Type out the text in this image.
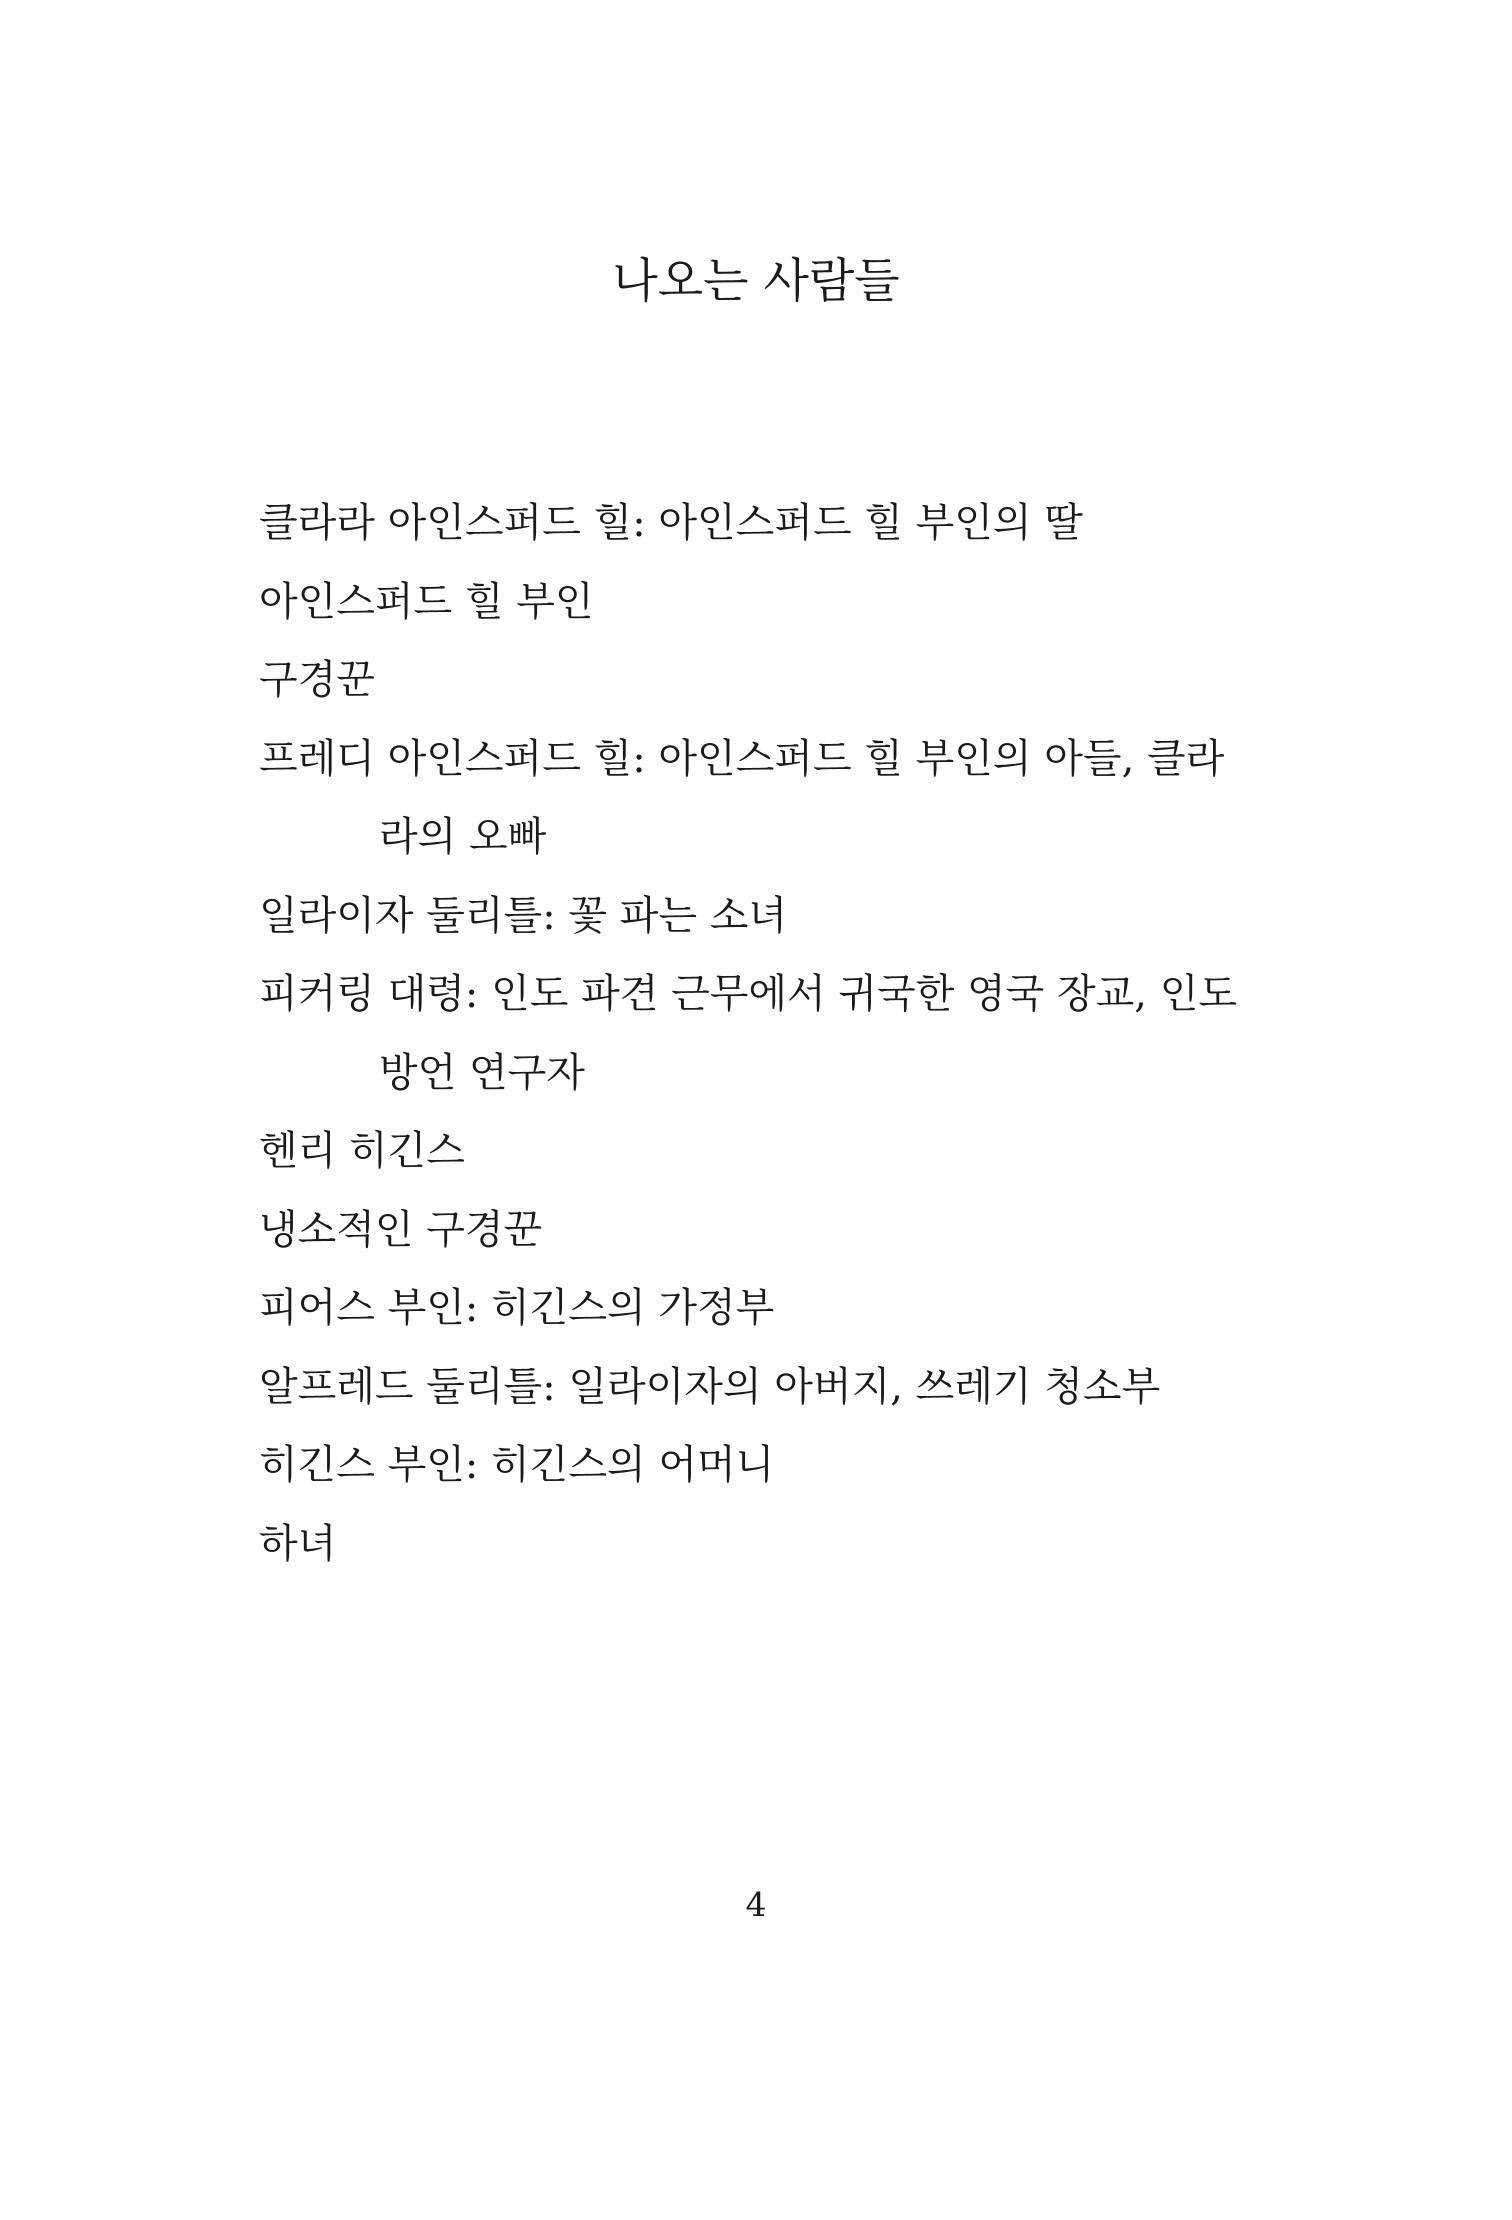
나오는 사람들
클라라 아인스퍼드 힐: 아인스퍼드 힐 부인의 딸
아인스퍼드 힐 부인
구경꾼
프레디 아인스퍼드 힐: 아인스퍼드 힐 부인의 아들, 클라라의 오빠
일라이자 둘리틀: 꽃 파는 소녀
피커링 대령: 인도 파견 근무에서 귀국한 영국 장교, 인도 방언 연구자
헨리 히긴스
냉소적인 구경꾼
피어스 부인: 히긴스의 가정부
알프레드 둘리틀: 일라이자의 아버지, 쓰레기 청소부
히긴스 부인: 히긴스의 어머니
하녀
4
